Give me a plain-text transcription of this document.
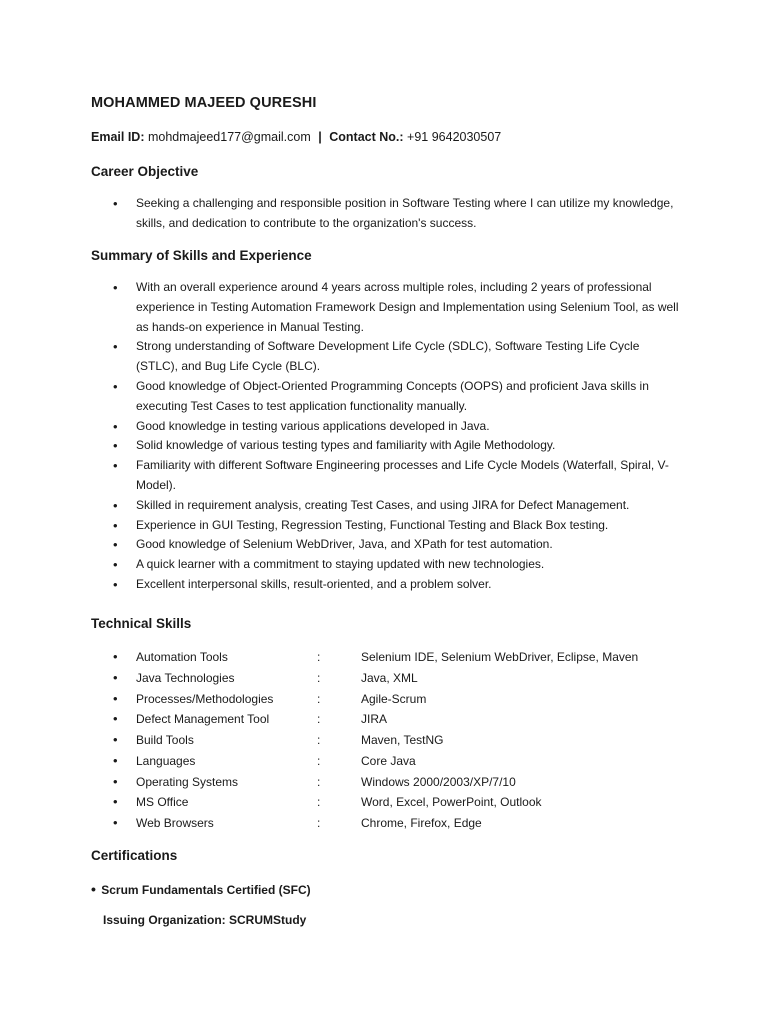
MOHAMMED MAJEED QURESHI
Email ID: mohdmajeed177@gmail.com | Contact No.: +91 9642030507
Career Objective
• Seeking a challenging and responsible position in Software Testing where I can utilize my knowledge, skills, and dedication to contribute to the organization's success.
Summary of Skills and Experience
• With an overall experience around 4 years across multiple roles, including 2 years of professional experience in Testing Automation Framework Design and Implementation using Selenium Tool, as well as hands-on experience in Manual Testing.
• Strong understanding of Software Development Life Cycle (SDLC), Software Testing Life Cycle (STLC), and Bug Life Cycle (BLC).
• Good knowledge of Object-Oriented Programming Concepts (OOPS) and proficient Java skills in executing Test Cases to test application functionality manually.
• Good knowledge in testing various applications developed in Java.
• Solid knowledge of various testing types and familiarity with Agile Methodology.
• Familiarity with different Software Engineering processes and Life Cycle Models (Waterfall, Spiral, V-Model).
• Skilled in requirement analysis, creating Test Cases, and using JIRA for Defect Management.
• Experience in GUI Testing, Regression Testing, Functional Testing and Black Box testing.
• Good knowledge of Selenium WebDriver, Java, and XPath for test automation.
• A quick learner with a commitment to staying updated with new technologies.
• Excellent interpersonal skills, result-oriented, and a problem solver.
Technical Skills
• Automation Tools	:	Selenium IDE, Selenium WebDriver, Eclipse, Maven
• Java Technologies	:	Java, XML
• Processes/Methodologies	:	Agile-Scrum
• Defect Management Tool	:	JIRA
• Build Tools	:	Maven, TestNG
• Languages	:	Core Java
• Operating Systems	:	Windows 2000/2003/XP/7/10
• MS Office	:	Word, Excel, PowerPoint, Outlook
• Web Browsers	:	Chrome, Firefox, Edge
Certifications
• Scrum Fundamentals Certified (SFC)
Issuing Organization: SCRUMStudy
